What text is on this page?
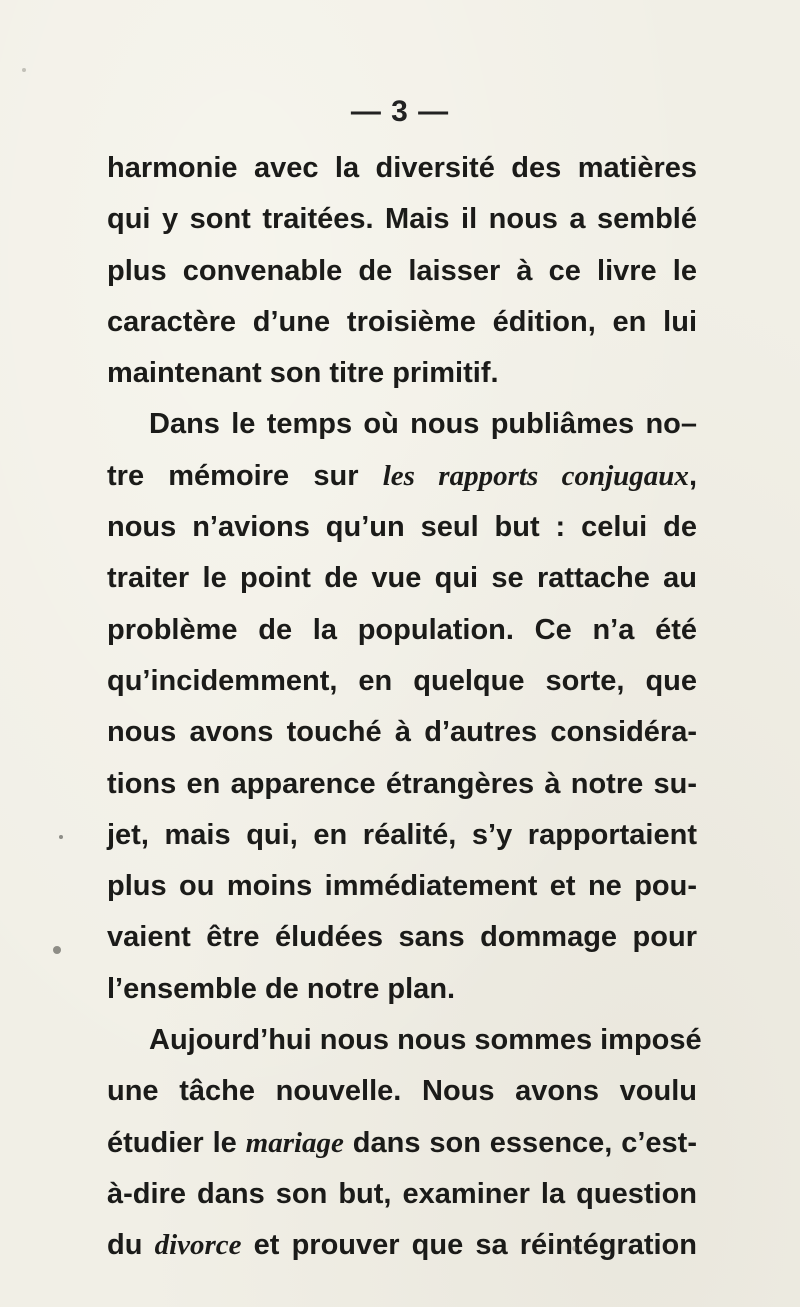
— 3 —
harmonie avec la diversité des matières
qui y sont traitées. Mais il nous a semblé
plus convenable de laisser à ce livre le
caractère d’une troisième édition, en lui
maintenant son titre primitif.
Dans le temps où nous publiâmes no–
tre mémoire sur les rapports conjugaux,
nous n’avions qu’un seul but : celui de
traiter le point de vue qui se rattache au
problème de la population. Ce n’a été
qu’incidemment, en quelque sorte, que
nous avons touché à d’autres considéra-
tions en apparence étrangères à notre su-
jet, mais qui, en réalité, s’y rapportaient
plus ou moins immédiatement et ne pou-
vaient être éludées sans dommage pour
l’ensemble de notre plan.
Aujourd’hui nous nous sommes imposé
une tâche nouvelle. Nous avons voulu
étudier le mariage dans son essence, c’est-
à-dire dans son but, examiner la question
du divorce et prouver que sa réintégration
